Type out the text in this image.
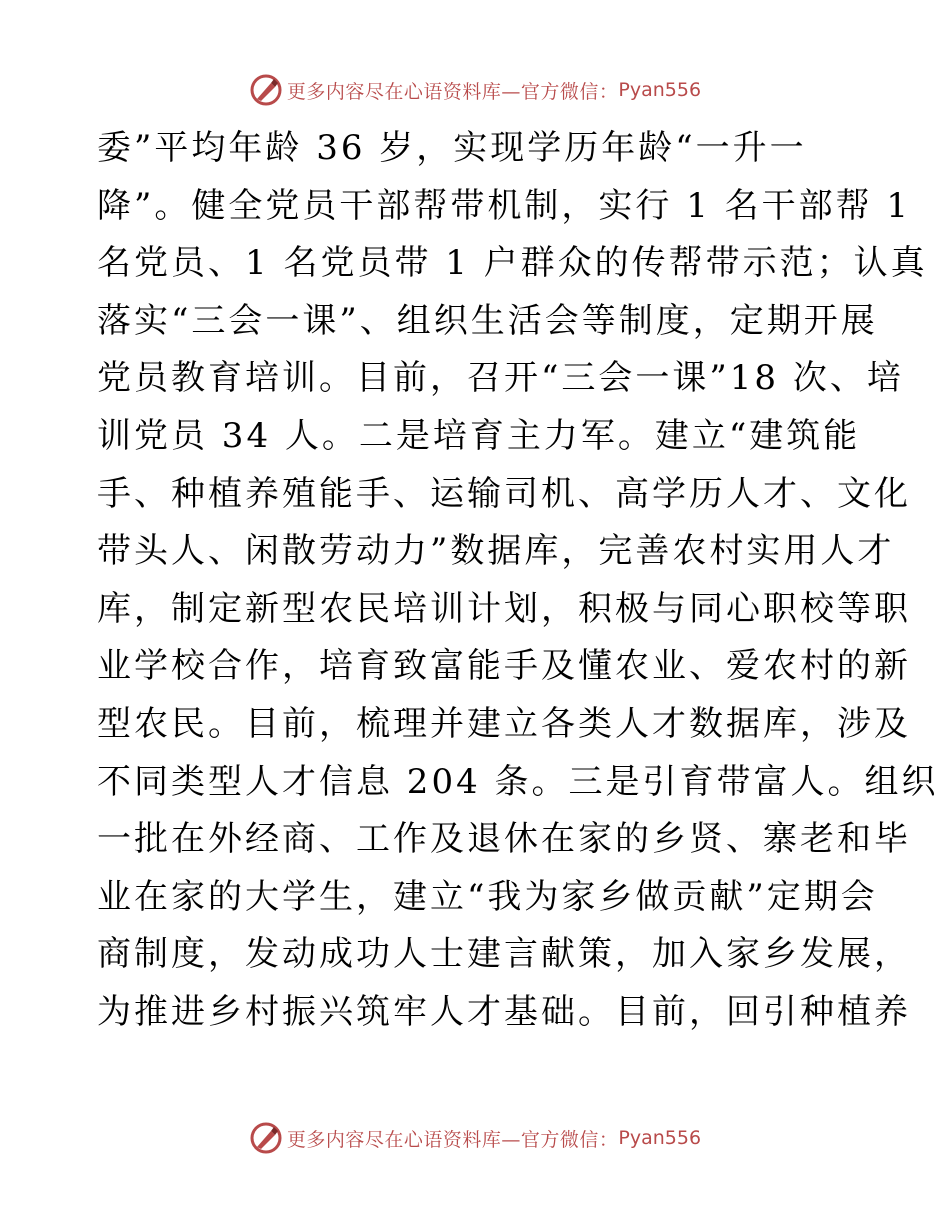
更多内容尽在心语资料库—官方微信： Pyan556
委”平均年龄 36 岁，实现学历年龄“一升一
降”。健全党员干部帮带机制，实行 1 名干部帮 1
名党员、1 名党员带 1 户群众的传帮带示范；认真
落实“三会一课”、组织生活会等制度，定期开展
党员教育培训。目前，召开“三会一课”18 次、培
训党员 34 人。二是培育主力军。建立“建筑能
手、种植养殖能手、运输司机、高学历人才、文化
带头人、闲散劳动力”数据库，完善农村实用人才
库，制定新型农民培训计划，积极与同心职校等职
业学校合作，培育致富能手及懂农业、爱农村的新
型农民。目前，梳理并建立各类人才数据库，涉及
不同类型人才信息 204 条。三是引育带富人。组织
一批在外经商、工作及退休在家的乡贤、寨老和毕
业在家的大学生，建立“我为家乡做贡献”定期会
商制度，发动成功人士建言献策，加入家乡发展，
为推进乡村振兴筑牢人才基础。目前，回引种植养
更多内容尽在心语资料库—官方微信： Pyan556
